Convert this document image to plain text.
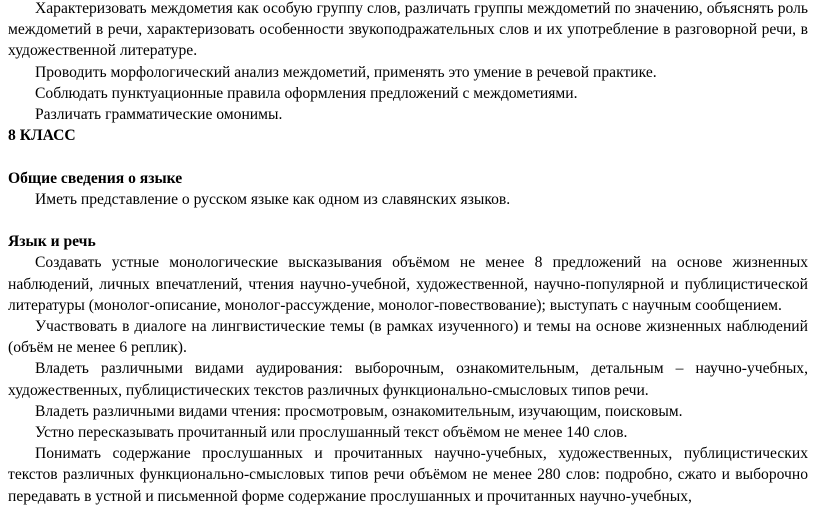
Характеризовать междометия как особую группу слов, различать группы междометий по значению, объяснять роль междометий в речи, характеризовать особенности звукоподражательных слов и их употребление в разговорной речи, в художественной литературе.

Проводить морфологический анализ междометий, применять это умение в речевой практике.

Соблюдать пунктуационные правила оформления предложений с междометиями.

Различать грамматические омонимы.

8 КЛАСС
Общие сведения о языке

Иметь представление о русском языке как одном из славянских языков.

Язык и речь

Создавать устные монологические высказывания объёмом не менее 8 предложений на основе жизненных наблюдений, личных впечатлений, чтения научно-учебной, художественной, научно-популярной и публицистической литературы (монолог-описание, монолог-рассуждение, монолог-повествование); выступать с научным сообщением.

Участвовать в диалоге на лингвистические темы (в рамках изученного) и темы на основе жизненных наблюдений (объём не менее 6 реплик).

Владеть различными видами аудирования: выборочным, ознакомительным, детальным – научно-учебных, художественных, публицистических текстов различных функционально-смысловых типов речи.

Владеть различными видами чтения: просмотровым, ознакомительным, изучающим, поисковым.

Устно пересказывать прочитанный или прослушанный текст объёмом не менее 140 слов.

Понимать содержание прослушанных и прочитанных научно-учебных, художественных, публицистических текстов различных функционально-смысловых типов речи объёмом не менее 280 слов: подробно, сжато и выборочно передавать в устной и письменной форме содержание прослушанных и прочитанных научно-учебных,
